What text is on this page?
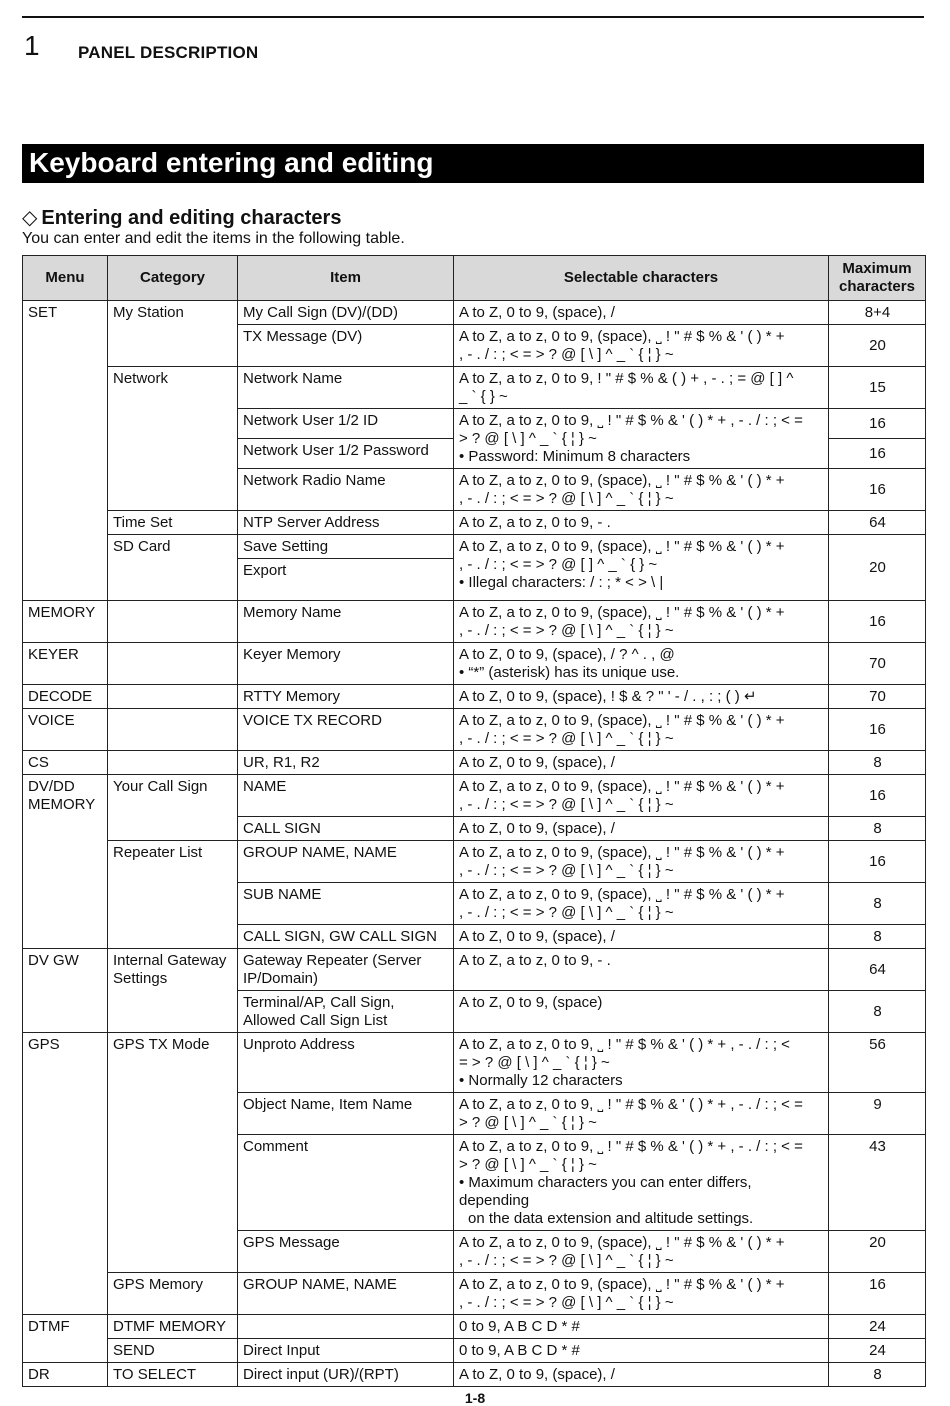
1 PANEL DESCRIPTION
Keyboard entering and editing
◇ Entering and editing characters
You can enter and edit the items in the following table.
Menu	Category	Item	Selectable characters	Maximum
characters

SET	My Station	My Call Sign (DV)/(DD)	A to Z, 0 to 9, (space), /	8+4
		TX Message (DV)	A to Z, a to z, 0 to 9, (space), ˽ ! " # $ % & ' ( ) * +
, - . / : ; < = > ? @ [ \ ] ^ _ ` { ¦ } ~	20
	Network	Network Name	A to Z, a to z, 0 to 9, ! " # $ % & ( ) + , - . ; = @ [ ] ^
_ ` { } ~	15
		Network User 1/2 ID	A to Z, a to z, 0 to 9, ˽ ! " # $ % & ' ( ) * + , - . / : ; < =
> ? @ [ \ ] ^ _ ` { ¦ } ~
• Password: Minimum 8 characters	16
		Network User 1/2 Password		16
		Network Radio Name	A to Z, a to z, 0 to 9, (space), ˽ ! " # $ % & ' ( ) * +
, - . / : ; < = > ? @ [ \ ] ^ _ ` { ¦ } ~	16
	Time Set	NTP Server Address	A to Z, a to z, 0 to 9, - .	64
	SD Card	Save Setting	A to Z, a to z, 0 to 9, (space), ˽ ! " # $ % & ' ( ) * +
, - . / : ; < = > ? @ [ ] ^ _ ` { } ~
• Illegal characters: / : ; * < > \ |	20
		Export		
MEMORY		Memory Name	A to Z, a to z, 0 to 9, (space), ˽ ! " # $ % & ' ( ) * +
, - . / : ; < = > ? @ [ \ ] ^ _ ` { ¦ } ~	16
KEYER		Keyer Memory	A to Z, 0 to 9, (space), / ? ^ . , @
• “*” (asterisk) has its unique use.	70
DECODE		RTTY Memory	A to Z, 0 to 9, (space), ! $ & ? " ' - / . , : ; ( ) ↵	70
VOICE		VOICE TX RECORD	A to Z, a to z, 0 to 9, (space), ˽ ! " # $ % & ' ( ) * +
, - . / : ; < = > ? @ [ \ ] ^ _ ` { ¦ } ~	16
CS		UR, R1, R2	A to Z, 0 to 9, (space), /	8
DV/DD MEMORY	Your Call Sign	NAME	A to Z, a to z, 0 to 9, (space), ˽ ! " # $ % & ' ( ) * +
, - . / : ; < = > ? @ [ \ ] ^ _ ` { ¦ } ~	16
		CALL SIGN	A to Z, 0 to 9, (space), /	8
	Repeater List	GROUP NAME, NAME	A to Z, a to z, 0 to 9, (space), ˽ ! " # $ % & ' ( ) * +
, - . / : ; < = > ? @ [ \ ] ^ _ ` { ¦ } ~	16
		SUB NAME	A to Z, a to z, 0 to 9, (space), ˽ ! " # $ % & ' ( ) * +
, - . / : ; < = > ? @ [ \ ] ^ _ ` { ¦ } ~	8
		CALL SIGN, GW CALL SIGN	A to Z, 0 to 9, (space), /	8
DV GW	Internal Gateway Settings	Gateway Repeater (Server IP/Domain)	A to Z, a to z, 0 to 9, - .	64
		Terminal/AP, Call Sign, Allowed Call Sign List	A to Z, 0 to 9, (space)	8
GPS	GPS TX Mode	Unproto Address	A to Z, a to z, 0 to 9, ˽ ! " # $ % & ' ( ) * + , - . / : ; <
= > ? @ [ \ ] ^ _ ` { ¦ } ~
• Normally 12 characters	56
		Object Name, Item Name	A to Z, a to z, 0 to 9, ˽ ! " # $ % & ' ( ) * + , - . / : ; < =
> ? @ [ \ ] ^ _ ` { ¦ } ~	9
		Comment	A to Z, a to z, 0 to 9, ˽ ! " # $ % & ' ( ) * + , - . / : ; < =
> ? @ [ \ ] ^ _ ` { ¦ } ~
• Maximum characters you can enter differs, depending
on the data extension and altitude settings.	43
		GPS Message	A to Z, a to z, 0 to 9, (space), ˽ ! " # $ % & ' ( ) * +
, - . / : ; < = > ? @ [ \ ] ^ _ ` { ¦ } ~	20
	GPS Memory	GROUP NAME, NAME	A to Z, a to z, 0 to 9, (space), ˽ ! " # $ % & ' ( ) * +
, - . / : ; < = > ? @ [ \ ] ^ _ ` { ¦ } ~	16
DTMF	DTMF MEMORY		0 to 9, A B C D * #	24
	SEND	Direct Input	0 to 9, A B C D * #	24
DR	TO SELECT	Direct input (UR)/(RPT)	A to Z, 0 to 9, (space), /	8
1-8
